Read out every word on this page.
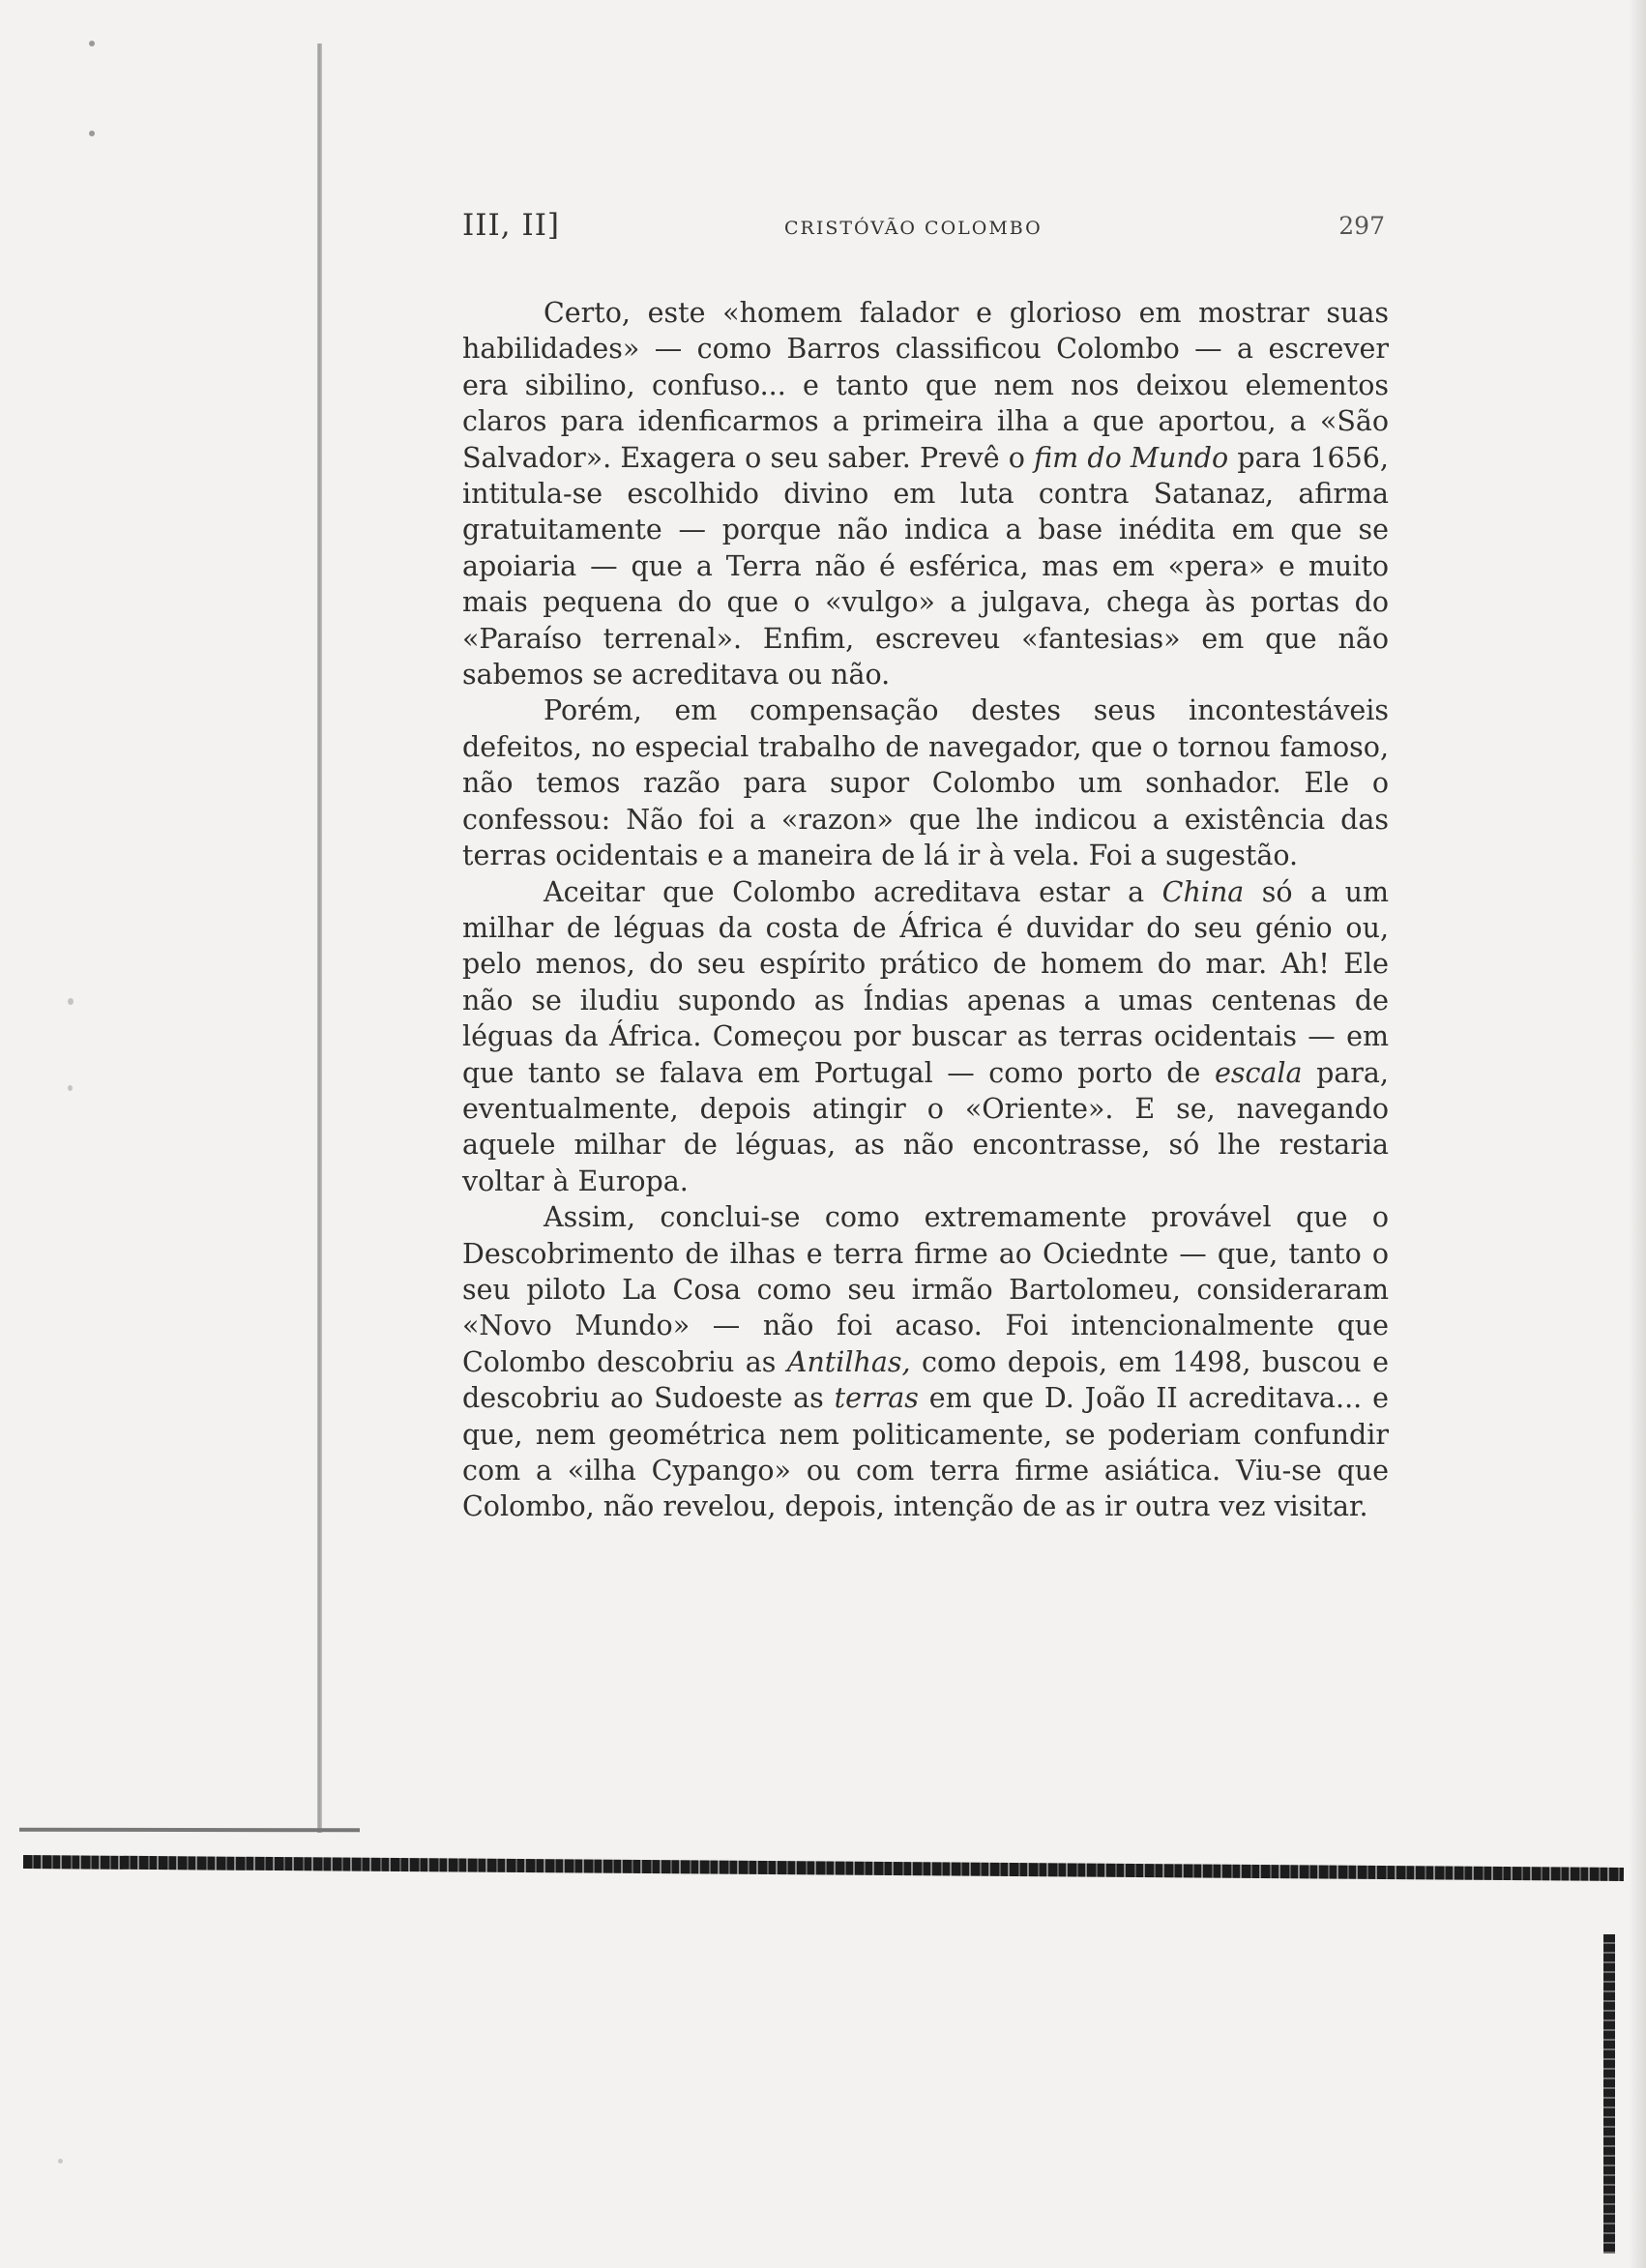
III, II]	CRISTÓVÃO COLOMBO	297

Certo, este «homem falador e glorioso em mostrar suas habilidades» — como Barros classificou Colombo — a escrever era sibilino, confuso... e tanto que nem nos deixou elementos claros para idenficarmos a primeira ilha a que aportou, a «São Salvador». Exagera o seu saber. Prevê o fim do Mundo para 1656, intitula-se escolhido divino em luta contra Satanaz, afirma gratuitamente — porque não indica a base inédita em que se apoiaria — que a Terra não é esférica, mas em «pera» e muito mais pequena do que o «vulgo» a julgava, chega às portas do «Paraíso terrenal». Enfim, escreveu «fantesias» em que não sabemos se acreditava ou não.

Porém, em compensação destes seus incontestáveis defeitos, no especial trabalho de navegador, que o tornou famoso, não temos razão para supor Colombo um sonhador. Ele o confessou: Não foi a «razon» que lhe indicou a existência das terras ocidentais e a maneira de lá ir à vela. Foi a sugestão.

Aceitar que Colombo acreditava estar a China só a um milhar de léguas da costa de África é duvidar do seu génio ou, pelo menos, do seu espírito prático de homem do mar. Ah! Ele não se iludiu supondo as Índias apenas a umas centenas de léguas da África. Começou por buscar as terras ocidentais — em que tanto se falava em Portugal — como porto de escala para, eventualmente, depois atingir o «Oriente». E se, navegando aquele milhar de léguas, as não encontrasse, só lhe restaria voltar à Europa.

Assim, conclui-se como extremamente provável que o Descobrimento de ilhas e terra firme ao Ociednte — que, tanto o seu piloto La Cosa como seu irmão Bartolomeu, consideraram «Novo Mundo» — não foi acaso. Foi intencionalmente que Colombo descobriu as Antilhas, como depois, em 1498, buscou e descobriu ao Sudoeste as terras em que D. João II acreditava... e que, nem geométrica nem politicamente, se poderiam confundir com a «ilha Cypango» ou com terra firme asiática. Viu-se que Colombo, não revelou, depois, intenção de as ir outra vez visitar.
